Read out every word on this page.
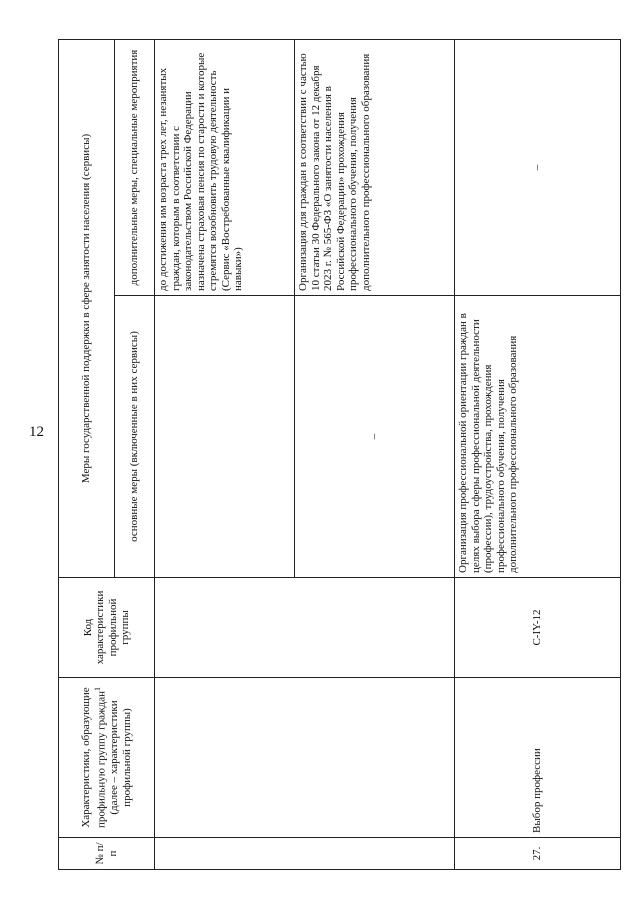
12
№ п/п	Характеристики, образующие профильную группу граждан$^1$ (далее – характеристики профильной группы)	Код характеристики профильной группы	Меры государственной поддержки в сфере занятости населения (сервисы)	
			основные меры (включенные в них сервисы)	дополнительные меры, специальные мероприятия
				до достижения им возраста трех лет, незанятых граждан, которым в соответствии с законодательством Российской Федерации назначена страховая пенсия по старости и которые стремятся возобновить трудовую деятельность (Сервис «Востребованные квалификации и навыки»)
			–	Организация для граждан в соответствии с частью 10 статьи 30 Федерального закона от 12 декабря 2023 г. № 565-ФЗ «О занятости населения в Российской Федерации» прохождения профессионального обучения, получения дополнительного профессионального образования
27.	Выбор профессии	С-IY-12	Организация профессиональной ориентации граждан в целях выбора сферы профессиональной деятельности (профессии), трудоустройства, прохождения профессионального обучения, получения дополнительного профессионального образования	–
